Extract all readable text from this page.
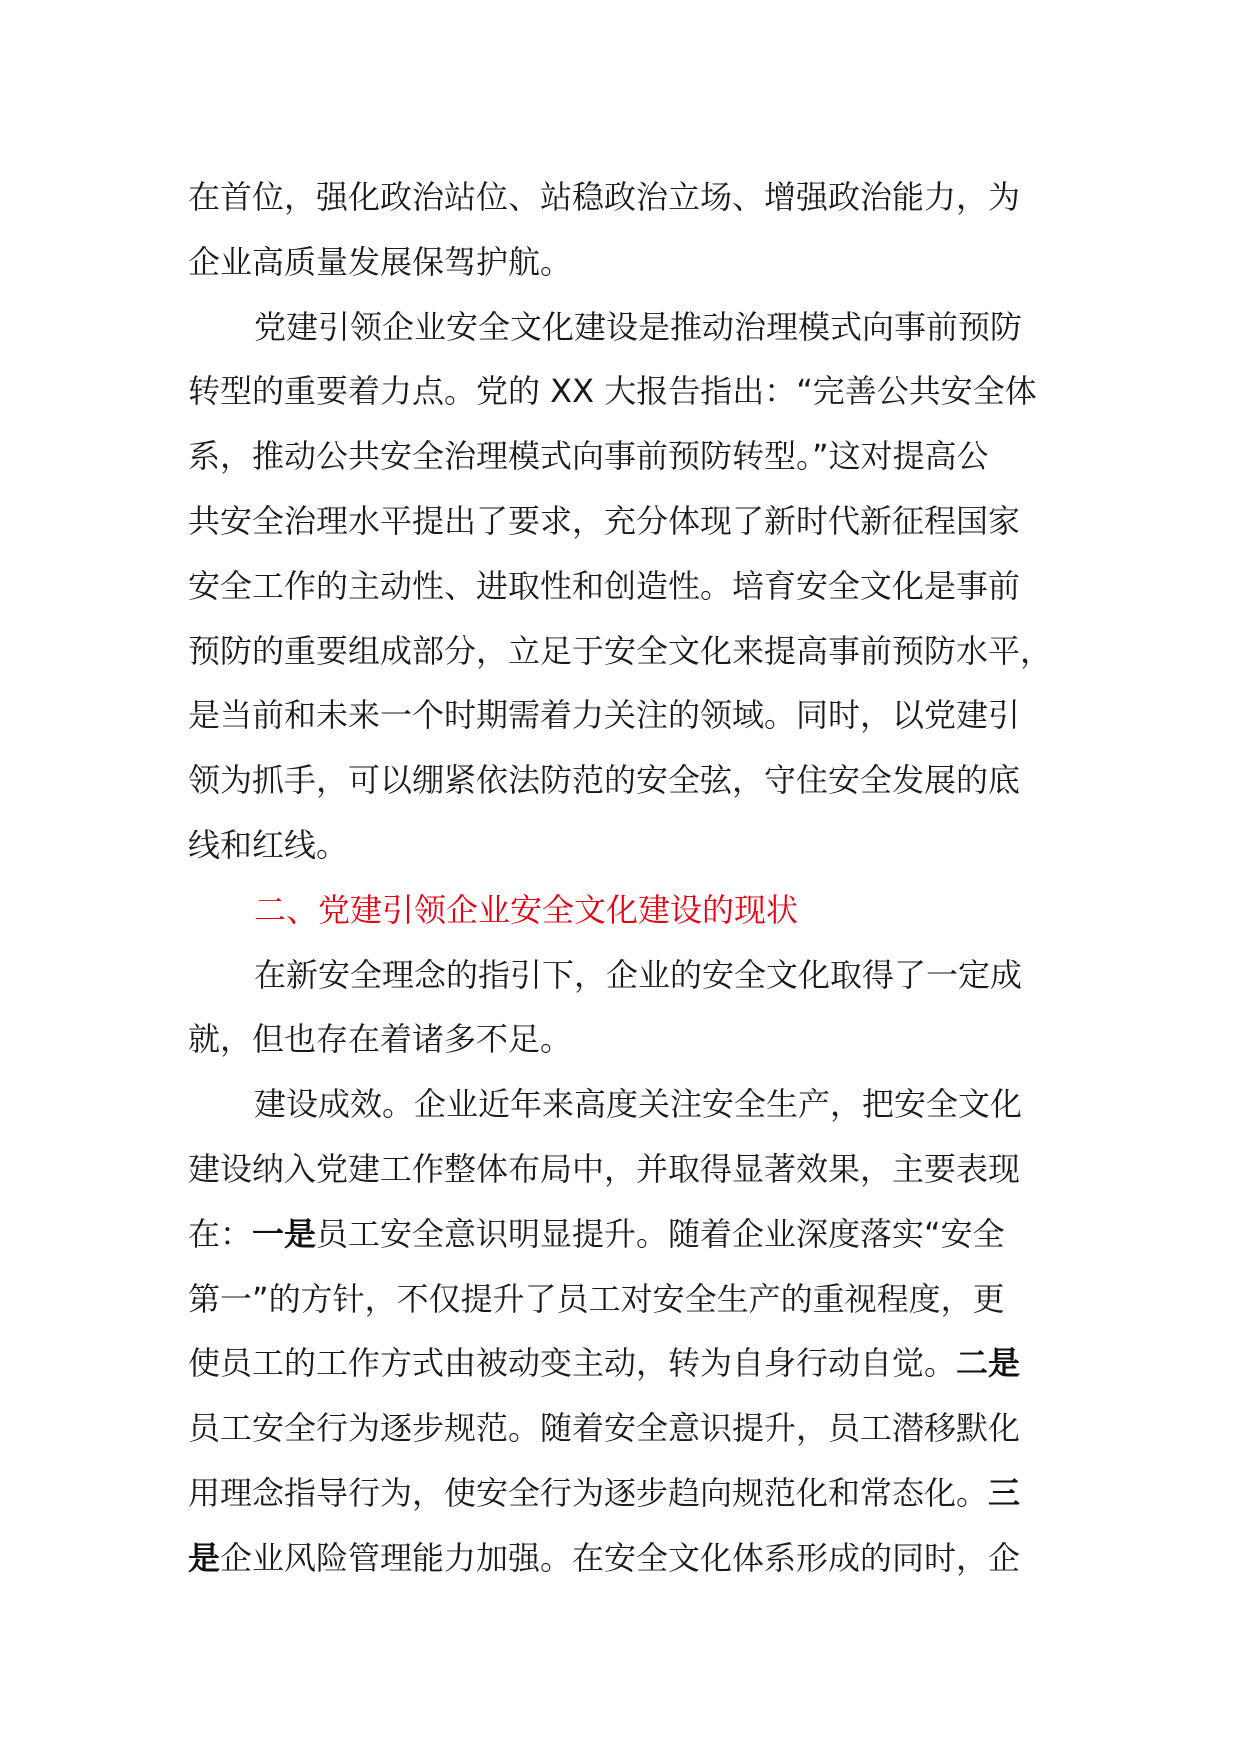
在首位，强化政治站位、站稳政治立场、增强政治能力，为
企业高质量发展保驾护航。
党建引领企业安全文化建设是推动治理模式向事前预防
转型的重要着力点。党的 XX 大报告指出：“完善公共安全体
系，推动公共安全治理模式向事前预防转型。”这对提高公
共安全治理水平提出了要求，充分体现了新时代新征程国家
安全工作的主动性、进取性和创造性。培育安全文化是事前
预防的重要组成部分，立足于安全文化来提高事前预防水平，
是当前和未来一个时期需着力关注的领域。同时，以党建引
领为抓手，可以绷紧依法防范的安全弦，守住安全发展的底
线和红线。
二、党建引领企业安全文化建设的现状
在新安全理念的指引下，企业的安全文化取得了一定成
就，但也存在着诸多不足。
建设成效。企业近年来高度关注安全生产，把安全文化
建设纳入党建工作整体布局中，并取得显著效果，主要表现
在：一是员工安全意识明显提升。随着企业深度落实“安全
第一”的方针，不仅提升了员工对安全生产的重视程度，更
使员工的工作方式由被动变主动，转为自身行动自觉。二是
员工安全行为逐步规范。随着安全意识提升，员工潜移默化
用理念指导行为，使安全行为逐步趋向规范化和常态化。三
是企业风险管理能力加强。在安全文化体系形成的同时，企
